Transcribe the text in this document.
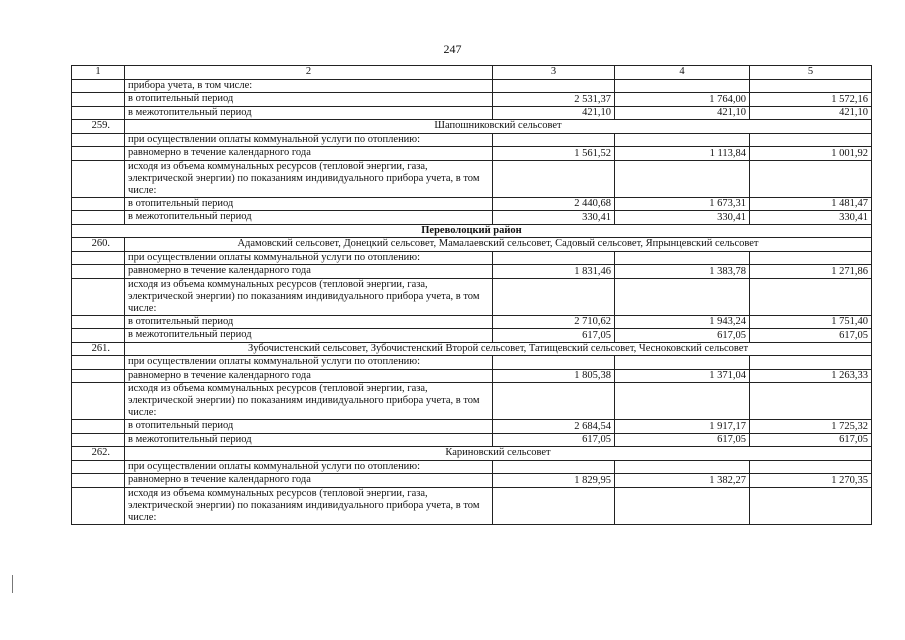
247
1	2	3	4	5
	прибора учета, в том числе:			
	в отопительный период	2 531,37	1 764,00	1 572,16
	в межотопительный период	421,10	421,10	421,10
259.	Шапошниковский сельсовет			
	при осуществлении оплаты коммунальной услуги по отоплению:			
	равномерно в течение календарного года	1 561,52	1 113,84	1 001,92
	исходя из объема коммунальных ресурсов (тепловой энергии, газа, электрической энергии) по показаниям индивидуального прибора учета, в том числе:			
	в отопительный период	2 440,68	1 673,31	1 481,47
	в межотопительный период	330,41	330,41	330,41
Переволоцкий район				
260.	Адамовский сельсовет, Донецкий сельсовет, Мамалаевский сельсовет, Садовый сельсовет, Япрынцевский сельсовет			
	при осуществлении оплаты коммунальной услуги по отоплению:			
	равномерно в течение календарного года	1 831,46	1 383,78	1 271,86
	исходя из объема коммунальных ресурсов (тепловой энергии, газа, электрической энергии) по показаниям индивидуального прибора учета, в том числе:			
	в отопительный период	2 710,62	1 943,24	1 751,40
	в межотопительный период	617,05	617,05	617,05
261.	Зубочистенский сельсовет, Зубочистенский Второй сельсовет, Татищевский сельсовет, Чесноковский сельсовет			
	при осуществлении оплаты коммунальной услуги по отоплению:			
	равномерно в течение календарного года	1 805,38	1 371,04	1 263,33
	исходя из объема коммунальных ресурсов (тепловой энергии, газа, электрической энергии) по показаниям индивидуального прибора учета, в том числе:			
	в отопительный период	2 684,54	1 917,17	1 725,32
	в межотопительный период	617,05	617,05	617,05
262.	Кариновский сельсовет			
	при осуществлении оплаты коммунальной услуги по отоплению:			
	равномерно в течение календарного года	1 829,95	1 382,27	1 270,35
	исходя из объема коммунальных ресурсов (тепловой энергии, газа, электрической энергии) по показаниям индивидуального прибора учета, в том числе:			
